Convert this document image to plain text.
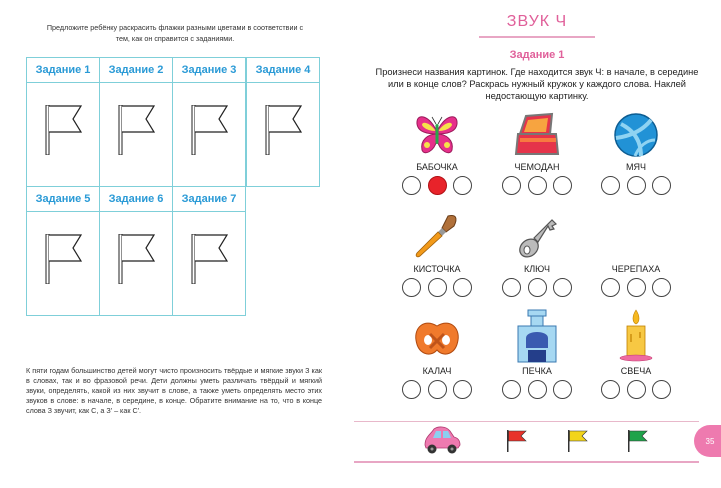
Предложите ребёнку раскрасить флажки разными цветами в соответствии с тем, как он справится с заданиями.
Задание 1	Задание 2	Задание 3	Задание 4
Задание 5	Задание 6	Задание 7
К пяти годам большинство детей могут чисто произносить твёрдые и мягкие звуки З как в словах, так и во фразовой речи. Дети должны уметь различать твёрдый и мягкий звуки, определять, какой из них звучит в слове, а также уметь определять место этих звуков в слове: в начале, в середине, в конце. Обратите внимание на то, что в конце слова З звучит, как С, а З' – как С'.
ЗВУК Ч
Задание 1
Произнеси названия картинок. Где находится звук Ч: в начале, в середине или в конце слов? Раскрась нужный кружок у каждого слова. Наклей недостающую картинку.
БАБОЧКА	ЧЕМОДАН	МЯЧ
КИСТОЧКА	КЛЮЧ	ЧЕРЕПАХА
КАЛАЧ	ПЕЧКА	СВЕЧА
35
